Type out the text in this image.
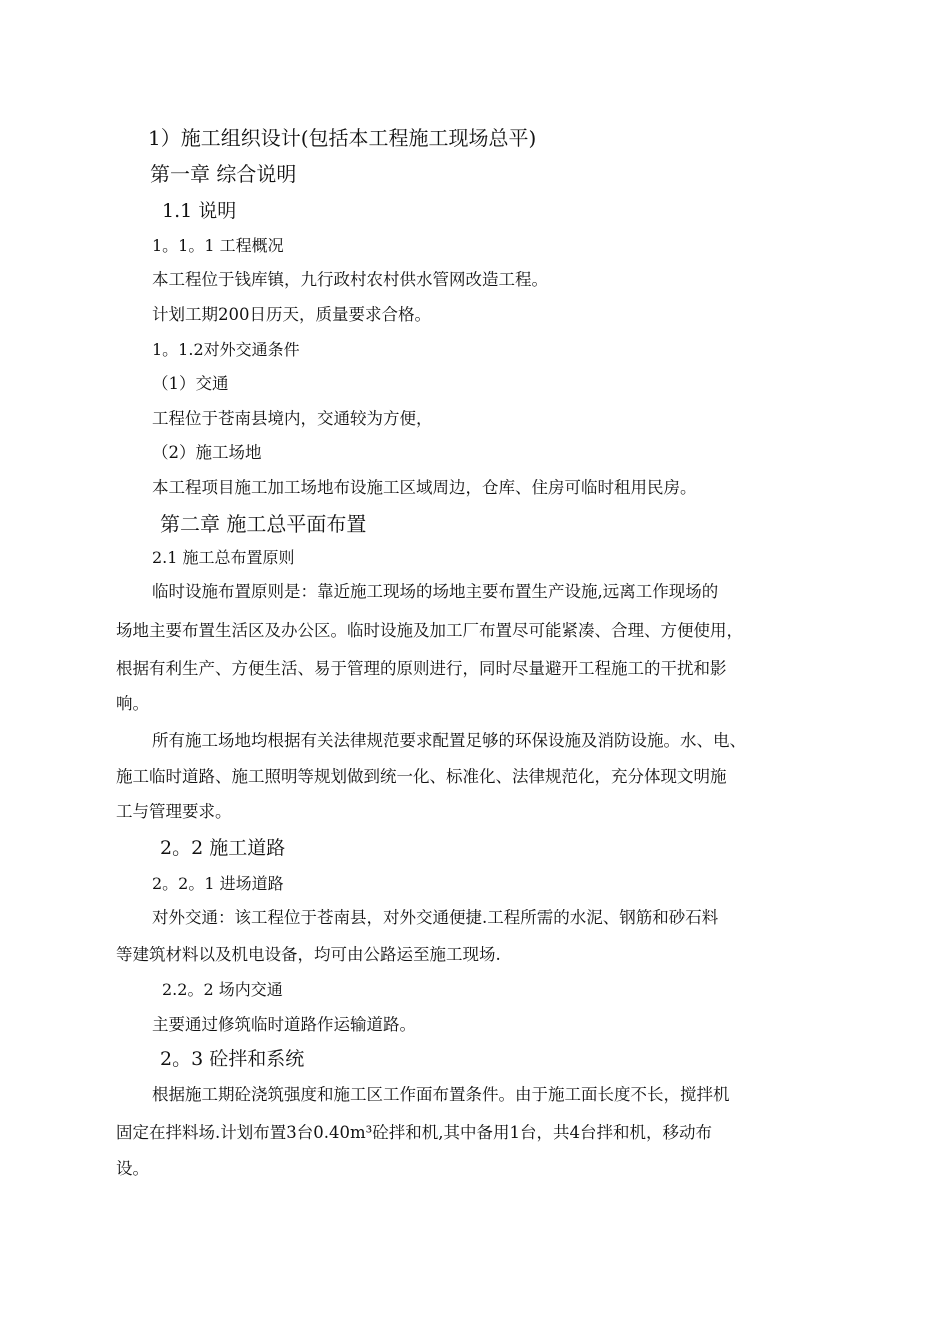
1）施工组织设计(包括本工程施工现场总平)
第一章 综合说明
1.1 说明
1。1。1 工程概况
本工程位于钱库镇，九行政村农村供水管网改造工程。
计划工期200日历天，质量要求合格。
1。1.2对外交通条件
（1）交通
工程位于苍南县境内，交通较为方便，
（2）施工场地
本工程项目施工加工场地布设施工区域周边，仓库、住房可临时租用民房。
第二章 施工总平面布置
2.1 施工总布置原则
临时设施布置原则是：靠近施工现场的场地主要布置生产设施,远离工作现场的
场地主要布置生活区及办公区。临时设施及加工厂布置尽可能紧凑、合理、方便使用，
根据有利生产、方便生活、易于管理的原则进行，同时尽量避开工程施工的干扰和影
响。
所有施工场地均根据有关法律规范要求配置足够的环保设施及消防设施。水、电、
施工临时道路、施工照明等规划做到统一化、标准化、法律规范化，充分体现文明施
工与管理要求。
2。2 施工道路
2。2。1 进场道路
对外交通：该工程位于苍南县，对外交通便捷.工程所需的水泥、钢筋和砂石料
等建筑材料以及机电设备，均可由公路运至施工现场.
2.2。2 场内交通
主要通过修筑临时道路作运输道路。
2。3 砼拌和系统
根据施工期砼浇筑强度和施工区工作面布置条件。由于施工面长度不长，搅拌机
固定在拌料场.计划布置3台0.40m³砼拌和机,其中备用1台，共4台拌和机，移动布
设。
